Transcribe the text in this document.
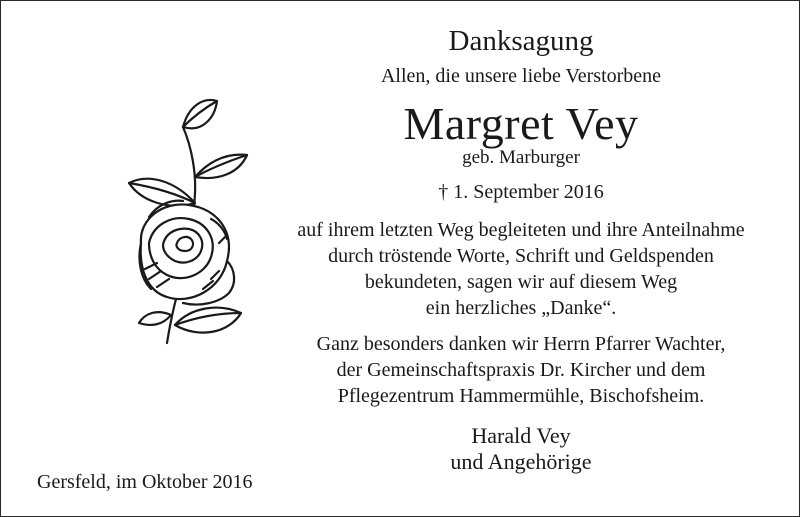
Danksagung
Allen, die unsere liebe Verstorbene
Margret Vey
geb. Marburger
† 1. September 2016
auf ihrem letzten Weg begleiteten und ihre Anteilnahme
durch tröstende Worte, Schrift und Geldspenden
bekundeten, sagen wir auf diesem Weg
ein herzliches „Danke“.
Ganz besonders danken wir Herrn Pfarrer Wachter,
der Gemeinschaftspraxis Dr. Kircher und dem
Pflegezentrum Hammermühle, Bischofsheim.
Harald Vey
und Angehörige
Gersfeld, im Oktober 2016
